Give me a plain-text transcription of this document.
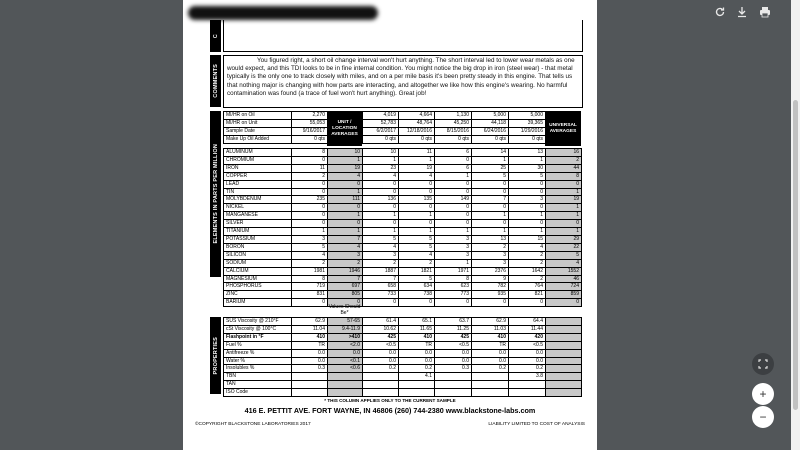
C
COMMENTS
You figured right, a short oil change interval won't hurt anything. The short interval led to lower wear metals as one would expect, and this TDI looks to be in fine internal condition. You might notice the big drop in iron (steel wear) - that metal typically is the only one to track closely with miles, and on a per mile basis it's been pretty steady in this engine. That tells us that nothing major is changing with how parts are interacting, and altogether we like how this engine's wearing. No harmful contamination was found (a trace of fuel won't hurt anything). Great job!
ELEMENTS IN PARTS PER MILLION
UNIT / LOCATION AVERAGES
UNIVERSAL AVERAGES
MI/HR on Oil	2,270		4,019	4,664	1,130	5,000	5,000
MI/HR on Unit	55,053		52,783	48,764	45,250	44,118	39,365
Sample Date	9/16/2017		6/2/2017	12/18/2016	8/15/2016	6/24/2016	1/29/2016
Make Up Oil Added	0 qts		0 qts	0 qts	0 qts	0 qts	0 qts
ALUMINUM	8	10	10	11	6	14	13	16
CHROMIUM	0	1	1	1	0	1	1	2
IRON	11	19	23	19	6	25	30	44
COPPER	2	4	4	4	1	5	5	8
LEAD	0	0	0	0	0	0	0	0
TIN	0	1	0	0	0	0	0	1
MOLYBDENUM	235	111	136	135	149	7	3	19
NICKEL	0	0	0	0	0	0	0	1
MANGANESE	0	1	1	1	0	1	1	1
SILVER	0	0	0	0	0	0	0	0
TITANIUM	1	1	1	1	1	1	1	1
POTASSIUM	3	7	5	5	3	13	15	29
BORON	5	4	4	5	3	2	4	22
SILICON	4	3	3	4	3	3	2	5
SODIUM	2	2	2	2	1	3	2	4
CALCIUM	1981	1946	1887	1821	1971	2376	1642	1552
MAGNESIUM	8	7	7	5	8	9	2	46
PHOSPHORUS	719	697	658	634	623	782	764	724
ZINC	831	805	733	738	773	935	821	859
BARIUM	0	0	0	0	0	0	0	0
Values Should Be*
PROPERTIES
SUS Viscosity @ 210°F	62.9	57-65	61.4	65.1	63.7	62.9	64.4	
cSt Viscosity @ 100°C	11.04	9.4-11.9	10.62	11.65	11.25	11.03	11.44	
Flashpoint in °F	410	>410	425	410	425	410	420	
Fuel %	TR	<2.0	<0.5	TR	<0.5	TR	<0.5	
Antifreeze %	0.0	0.0	0.0	0.0	0.0	0.0	0.0	
Water %	0.0	<0.1	0.0	0.0	0.0	0.0	0.0	
Insolubles %	0.3	<0.6	0.2	0.2	0.3	0.2	0.2	
TBN				4.1			3.8	
TAN								
ISO Code								
* THIS COLUMN APPLIES ONLY TO THE CURRENT SAMPLE
416 E. PETTIT AVE. FORT WAYNE, IN 46806 (260) 744-2380 www.blackstone-labs.com
©COPYRIGHT BLACKSTONE LABORATORIES 2017	LIABILITY LIMITED TO COST OF ANALYSIS
+
−
